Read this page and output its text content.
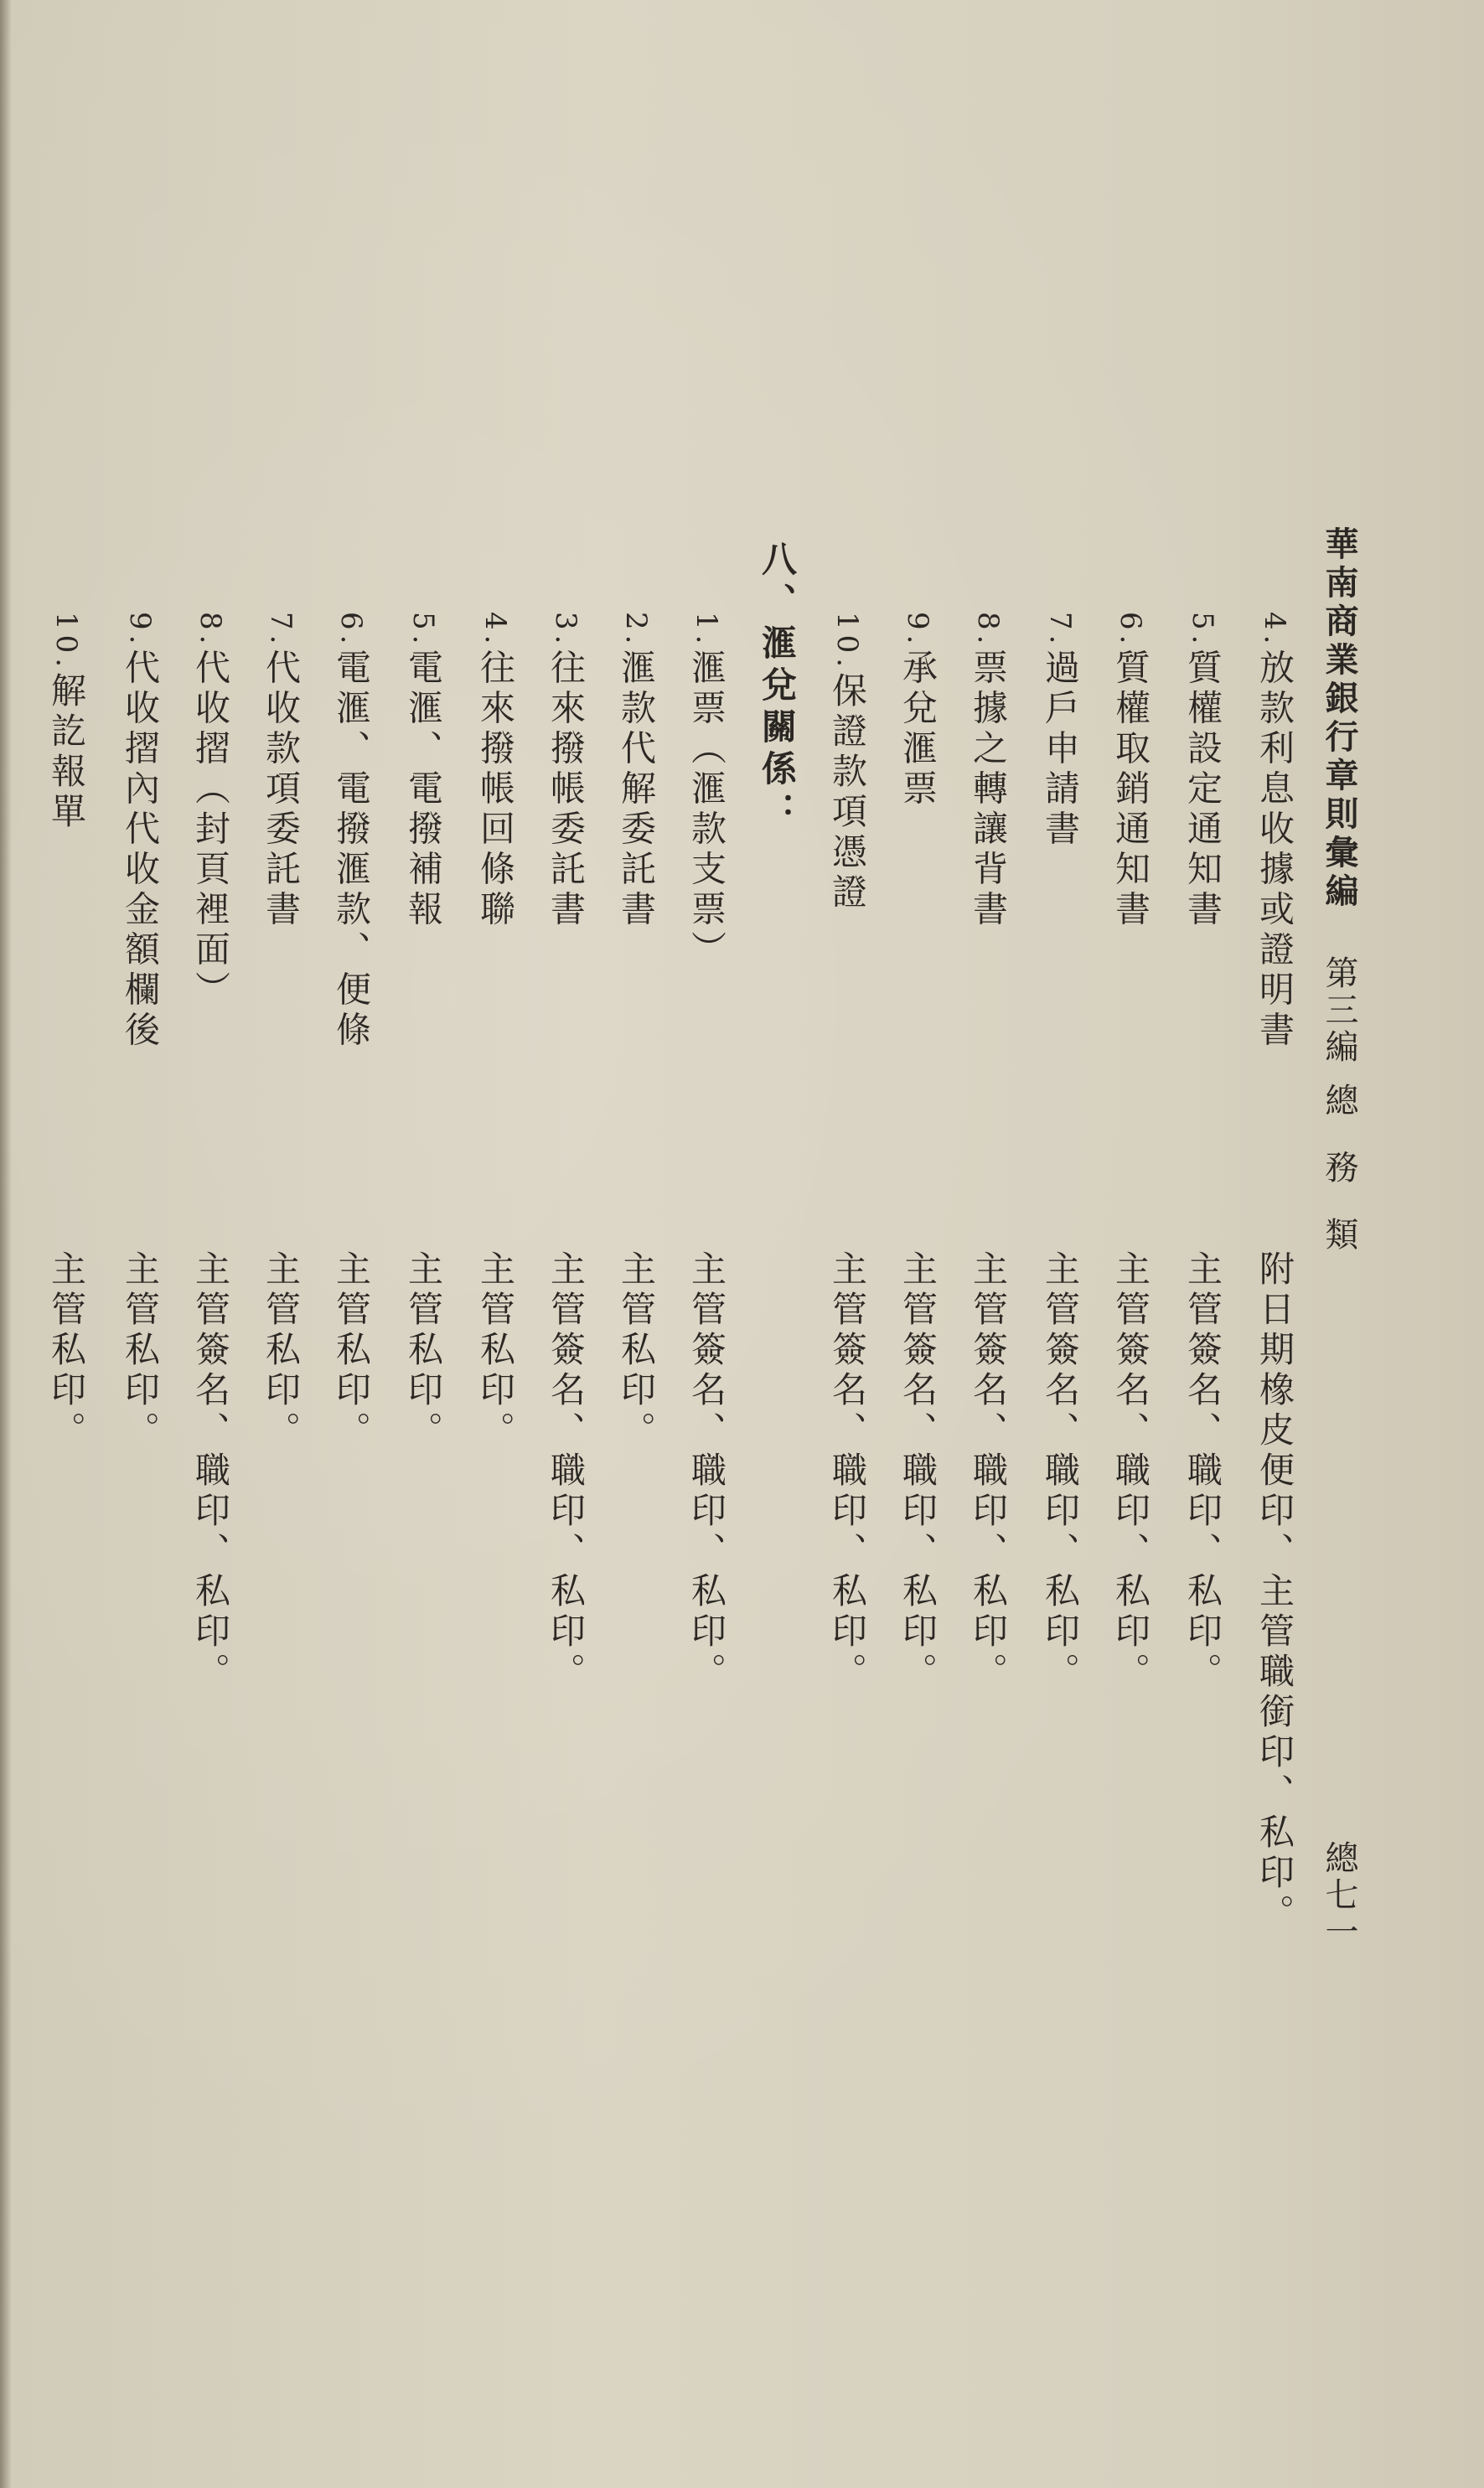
華南商業銀行章則彙編第三編總務類
總七一
4.放款利息收據或證明書
5.質權設定通知書
6.質權取銷通知書
7.過戶申請書
8.票據之轉讓背書
9.承兌滙票
10.保證款項憑證
附日期橡皮便印、主管職銜印、私印。
主管簽名、職印、私印。
主管簽名、職印、私印。
主管簽名、職印、私印。
主管簽名、職印、私印。
主管簽名、職印、私印。
主管簽名、職印、私印。
八、滙兌關係：
1.滙票（滙款支票）
2.滙款代解委託書
3.往來撥帳委託書
4.往來撥帳回條聯
5.電滙、電撥補報
6.電滙、電撥滙款、便條
7.代收款項委託書
8.代收摺（封頁裡面）
9.代收摺內代收金額欄後
10.解訖報單
主管簽名、職印、私印。
主管私印。
主管簽名、職印、私印。
主管私印。
主管私印。
主管私印。
主管私印。
主管簽名、職印、私印。
主管私印。
主管私印。
